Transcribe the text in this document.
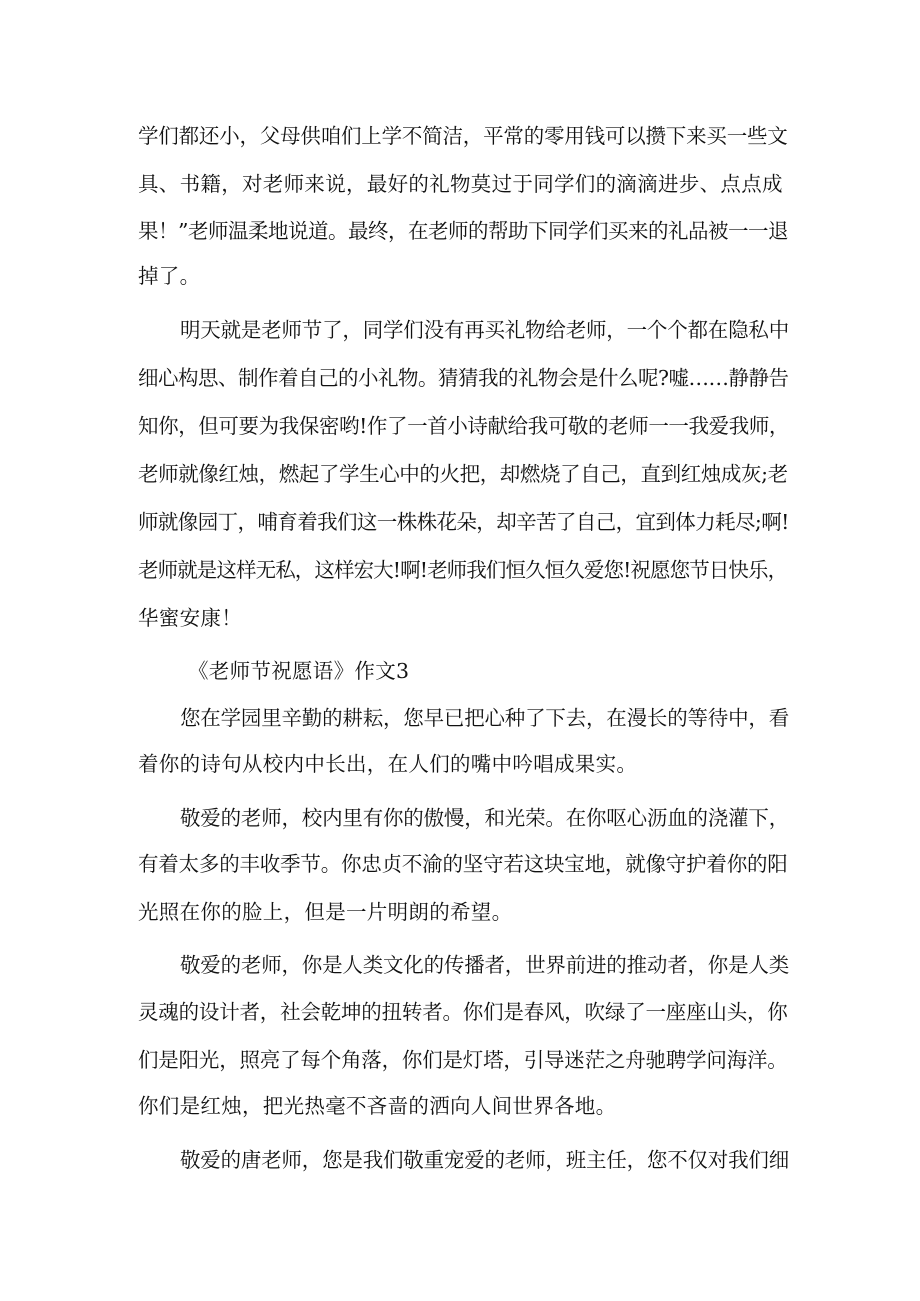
学们都还小，父母供咱们上学不简洁，平常的零用钱可以攒下来买一些文
具、书籍，对老师来说，最好的礼物莫过于同学们的滴滴进步、点点成
果！”老师温柔地说道。最终，在老师的帮助下同学们买来的礼品被一一退
掉了。
明天就是老师节了，同学们没有再买礼物给老师，一个个都在隐私中
细心构思、制作着自己的小礼物。猜猜我的礼物会是什么呢?嘘……静静告
知你，但可要为我保密哟!作了一首小诗献给我可敬的老师一一我爱我师，
老师就像红烛，燃起了学生心中的火把，却燃烧了自己，直到红烛成灰;老
师就像园丁，哺育着我们这一株株花朵，却辛苦了自己，宜到体力耗尽;啊!
老师就是这样无私，这样宏大!啊!老师我们恒久恒久爱您!祝愿您节日快乐，
华蜜安康！
《老师节祝愿语》作文3
您在学园里辛勤的耕耘，您早已把心种了下去，在漫长的等待中，看
着你的诗句从校内中长出，在人们的嘴中吟唱成果实。
敬爱的老师，校内里有你的傲慢，和光荣。在你呕心沥血的浇灌下，
有着太多的丰收季节。你忠贞不渝的坚守若这块宝地，就像守护着你的阳
光照在你的脸上，但是一片明朗的希望。
敬爱的老师，你是人类文化的传播者，世界前进的推动者，你是人类
灵魂的设计者，社会乾坤的扭转者。你们是春风，吹绿了一座座山头，你
们是阳光，照亮了每个角落，你们是灯塔，引导迷茫之舟驰聘学问海洋。
你们是红烛，把光热毫不吝啬的洒向人间世界各地。
敬爱的唐老师，您是我们敬重宠爱的老师，班主任，您不仅对我们细
